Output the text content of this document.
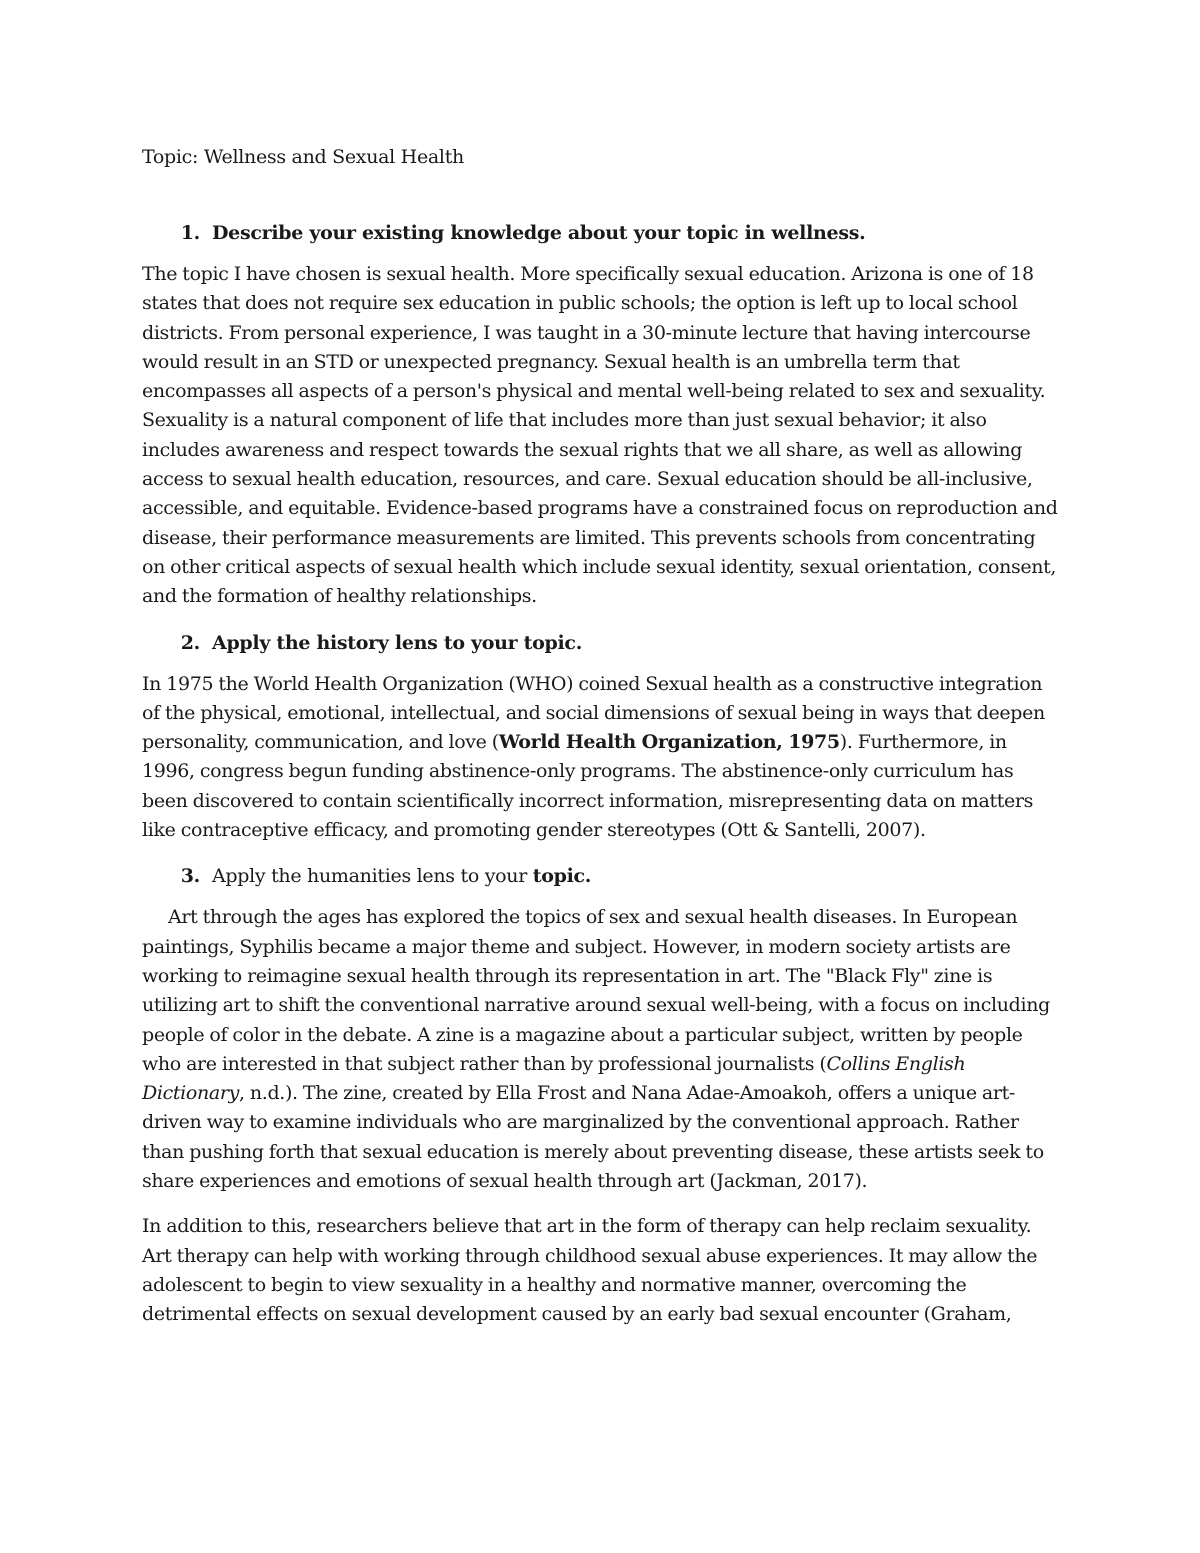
Topic: Wellness and Sexual Health

1. Describe your existing knowledge about your topic in wellness.

The topic I have chosen is sexual health. More specifically sexual education. Arizona is one of 18 states that does not require sex education in public schools; the option is left up to local school districts. From personal experience, I was taught in a 30-minute lecture that having intercourse would result in an STD or unexpected pregnancy. Sexual health is an umbrella term that encompasses all aspects of a person's physical and mental well-being related to sex and sexuality. Sexuality is a natural component of life that includes more than just sexual behavior; it also includes awareness and respect towards the sexual rights that we all share, as well as allowing access to sexual health education, resources, and care. Sexual education should be all-inclusive, accessible, and equitable. Evidence-based programs have a constrained focus on reproduction and disease, their performance measurements are limited. This prevents schools from concentrating on other critical aspects of sexual health which include sexual identity, sexual orientation, consent, and the formation of healthy relationships.

2. Apply the history lens to your topic.

In 1975 the World Health Organization (WHO) coined Sexual health as a constructive integration of the physical, emotional, intellectual, and social dimensions of sexual being in ways that deepen personality, communication, and love (World Health Organization, 1975). Furthermore, in 1996, congress begun funding abstinence-only programs. The abstinence-only curriculum has been discovered to contain scientifically incorrect information, misrepresenting data on matters like contraceptive efficacy, and promoting gender stereotypes (Ott & Santelli, 2007).

3. Apply the humanities lens to your topic.

Art through the ages has explored the topics of sex and sexual health diseases. In European paintings, Syphilis became a major theme and subject. However, in modern society artists are working to reimagine sexual health through its representation in art. The "Black Fly" zine is utilizing art to shift the conventional narrative around sexual well-being, with a focus on including people of color in the debate. A zine is a magazine about a particular subject, written by people who are interested in that subject rather than by professional journalists (Collins English Dictionary, n.d.). The zine, created by Ella Frost and Nana Adae-Amoakoh, offers a unique art-driven way to examine individuals who are marginalized by the conventional approach. Rather than pushing forth that sexual education is merely about preventing disease, these artists seek to share experiences and emotions of sexual health through art (Jackman, 2017).

In addition to this, researchers believe that art in the form of therapy can help reclaim sexuality. Art therapy can help with working through childhood sexual abuse experiences. It may allow the adolescent to begin to view sexuality in a healthy and normative manner, overcoming the detrimental effects on sexual development caused by an early bad sexual encounter (Graham,
